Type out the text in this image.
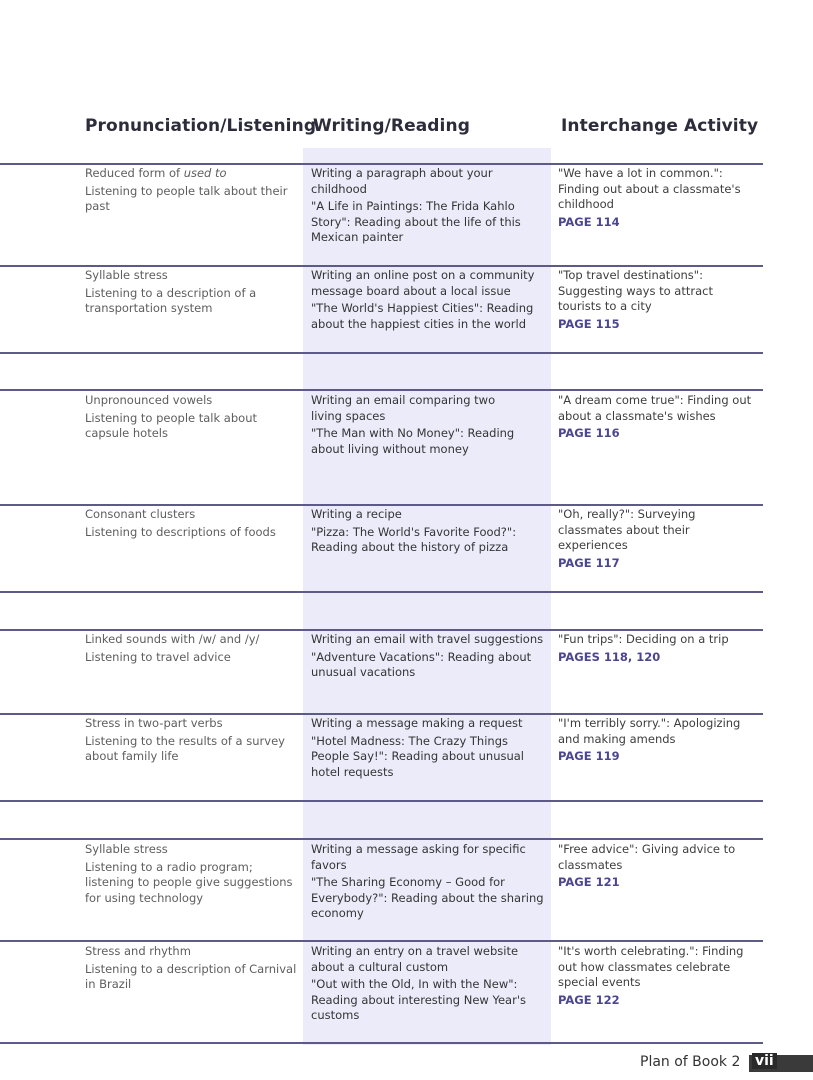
Pronunciation/Listening
Writing/Reading	Interchange Activity
Reduced form of used to
Listening to people talk about their
past
Writing a paragraph about your
childhood
"A Life in Paintings: The Frida Kahlo
Story": Reading about the life of this
Mexican painter
"We have a lot in common.":
Finding out about a classmate's
childhood
PAGE 114
Syllable stress
Listening to a description of a
transportation system
Writing an online post on a community
message board about a local issue
"The World's Happiest Cities": Reading
about the happiest cities in the world
"Top travel destinations":
Suggesting ways to attract
tourists to a city
PAGE 115
Unpronounced vowels
Listening to people talk about
capsule hotels
Writing an email comparing two
living spaces
"The Man with No Money": Reading
about living without money
"A dream come true": Finding out
about a classmate's wishes
PAGE 116
Consonant clusters
Listening to descriptions of foods
Writing a recipe
"Pizza: The World's Favorite Food?":
Reading about the history of pizza
"Oh, really?": Surveying
classmates about their
experiences
PAGE 117
Linked sounds with /w/ and /y/
Listening to travel advice
Writing an email with travel suggestions
"Adventure Vacations": Reading about
unusual vacations
"Fun trips": Deciding on a trip
PAGES 118, 120
Stress in two-part verbs
Listening to the results of a survey
about family life
Writing a message making a request
"Hotel Madness: The Crazy Things
People Say!": Reading about unusual
hotel requests
"I'm terribly sorry.": Apologizing
and making amends
PAGE 119
Syllable stress
Listening to a radio program;
listening to people give suggestions
for using technology
Writing a message asking for specific
favors
"The Sharing Economy – Good for
Everybody?": Reading about the sharing
economy
"Free advice": Giving advice to
classmates
PAGE 121
Stress and rhythm
Listening to a description of Carnival
in Brazil
Writing an entry on a travel website
about a cultural custom
"Out with the Old, In with the New":
Reading about interesting New Year's
customs
"It's worth celebrating.": Finding
out how classmates celebrate
special events
PAGE 122
Plan of Book 2 vii
